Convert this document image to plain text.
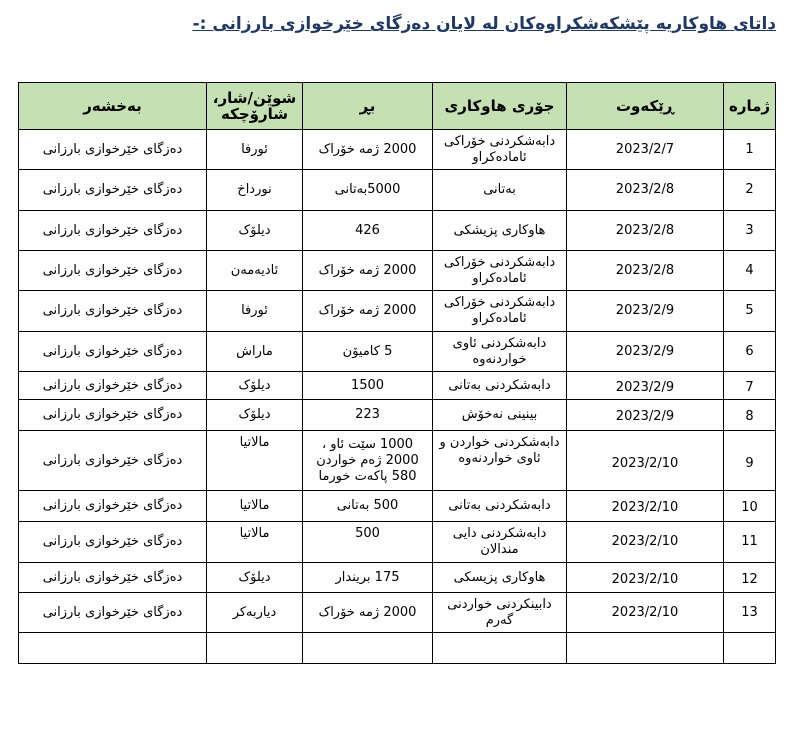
داتای هاوکاریە پێشکەشکراوەکان لە لایان دەزگای خێرخوازی بارزانی :-
ژمارە	ڕێکەوت	جۆری هاوکاری	بڕ	شوێن/شار، شارۆچکە	بەخشەر
1	2023/2/7	دابەشکردنی خۆراکی ئامادەکراو	2000 ژمە خۆراک	ئورفا	دەزگای خێرخوازی بارزانی
2	2023/2/8	بەتانی	5000بەتانی	نورداخ	دەزگای خێرخوازی بارزانی
3	2023/2/8	هاوکاری پزیشکی	426	دیلۆک	دەزگای خێرخوازی بارزانی
4	2023/2/8	دابەشکردنی خۆراکی ئامادەکراو	2000 ژمە خۆراک	ئادیەمەن	دەزگای خێرخوازی بارزانی
5	2023/2/9	دابەشکردنی خۆراکی ئامادەکراو	2000 ژمە خۆراک	ئورفا	دەزگای خێرخوازی بارزانی
6	2023/2/9	دابەشکردنی ئاوی خواردنەوە	5 کامیۆن	ماراش	دەزگای خێرخوازی بارزانی
7	2023/2/9	دابەشکردنی بەتانی	1500	دیلۆک	دەزگای خێرخوازی بارزانی
8	2023/2/9	بینینی نەخۆش	223	دیلۆک	دەزگای خێرخوازی بارزانی
9	2023/2/10	دابەشکردنی خواردن و ئاوی خواردنەوە	1000 سێت ئاو ، 2000 ژەم خواردن 580 پاکەت خورما	مالاتیا	دەزگای خێرخوازی بارزانی
10	2023/2/10	دابەشکردنی بەتانی	500 بەتانی	مالاتیا	دەزگای خێرخوازی بارزانی
11	2023/2/10	دابەشکردنی دایی مندالان	500	مالاتیا	دەزگای خێرخوازی بارزانی
12	2023/2/10	هاوکاری پزیسکی	175 بریندار	دیلۆک	دەزگای خێرخوازی بارزانی
13	2023/2/10	دابینکردنی خواردنی گەرم	2000 ژمە خۆراک	دیاربەکر	دەزگای خێرخوازی بارزانی
